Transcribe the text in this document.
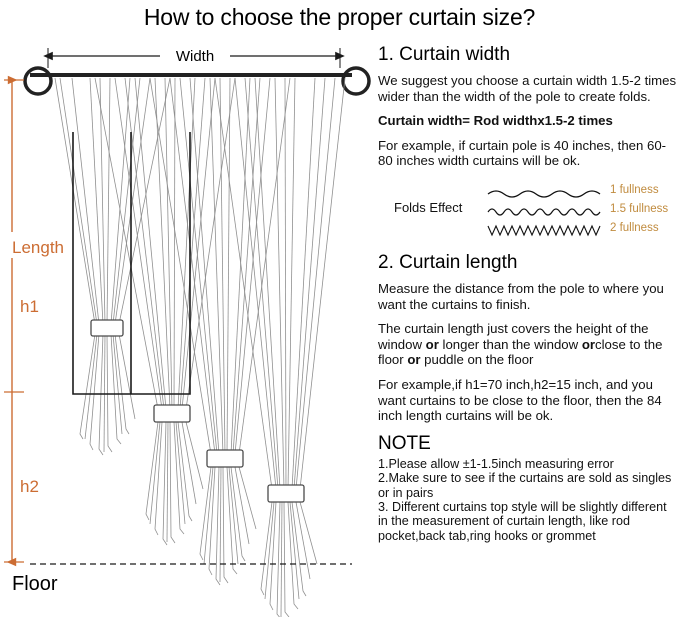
How to choose the proper curtain size?
Width
Floor
Length
h1
h2
1. Curtain width

We suggest you choose a curtain width 1.5-2 times wider than the width of the pole to create folds.

Curtain width= Rod widthx1.5-2 times

For example, if curtain pole is 40 inches, then 60-80 inches width curtains will be ok.

Folds Effect
1 fullness
1.5 fullness
2 fullness
2. Curtain length

Measure the distance from the pole to where you want the curtains to finish.

The curtain length just covers the height of the window or longer than the window orclose to the floor or puddle on the floor

For example,if h1=70 inch,h2=15 inch, and you want curtains to be close to the floor, then the 84 inch length curtains will be ok.

NOTE

1.Please allow ±1-1.5inch measuring error

2.Make sure to see if the curtains are sold as singles or in pairs

3. Different curtains top style will be slightly different in the measurement of curtain length, like rod pocket,back tab,ring hooks or grommet
